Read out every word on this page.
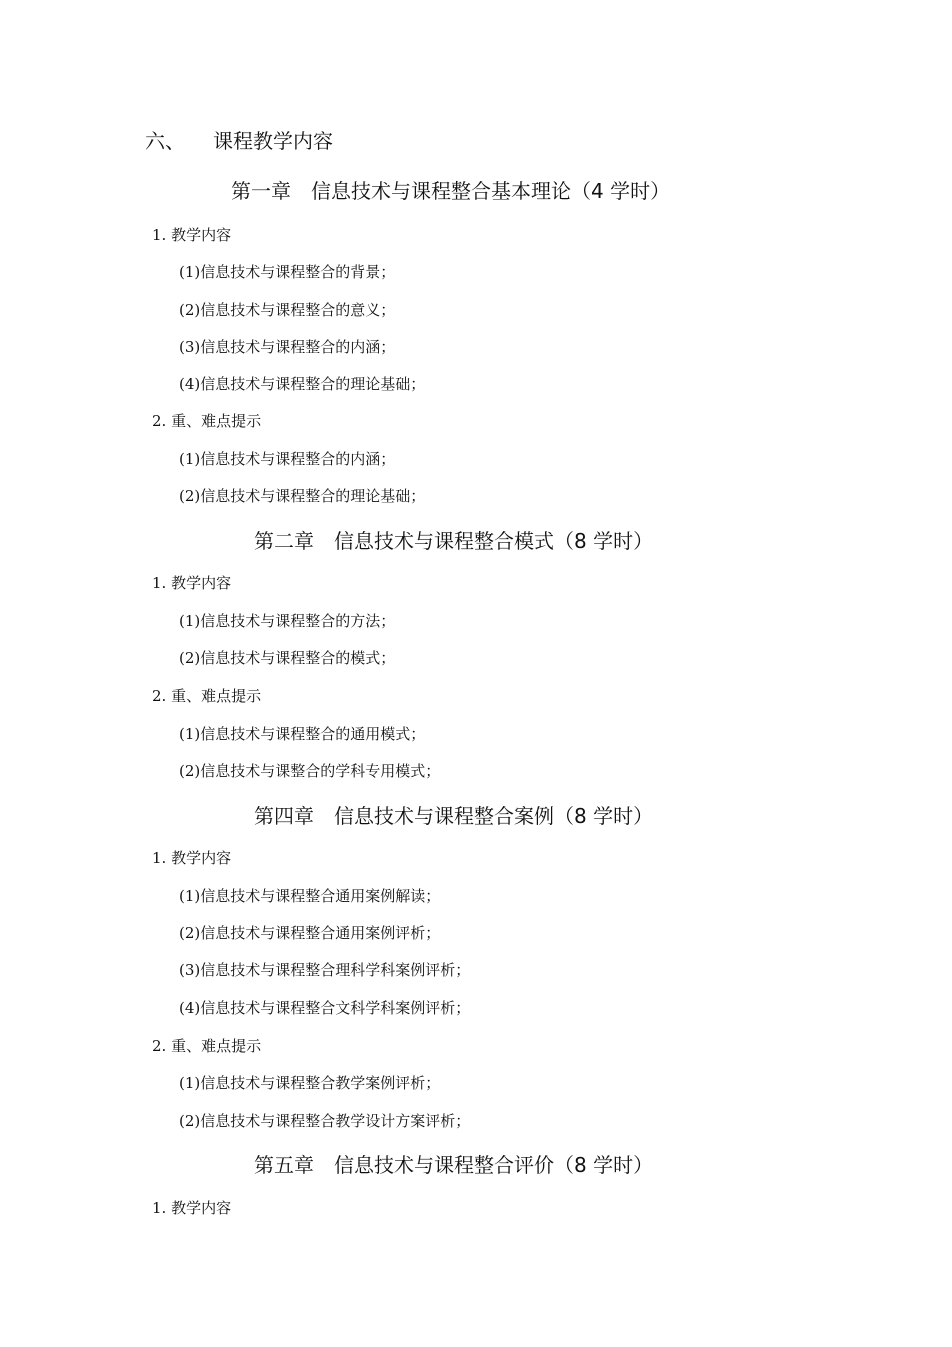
六、 课程教学内容
第一章 信息技术与课程整合基本理论（4 学时）
1. 教学内容
(1)信息技术与课程整合的背景；
(2)信息技术与课程整合的意义；
(3)信息技术与课程整合的内涵；
(4)信息技术与课程整合的理论基础；
2. 重、难点提示
(1)信息技术与课程整合的内涵；
(2)信息技术与课程整合的理论基础；
第二章 信息技术与课程整合模式（8 学时）
1. 教学内容
(1)信息技术与课程整合的方法；
(2)信息技术与课程整合的模式；
2. 重、难点提示
(1)信息技术与课程整合的通用模式；
(2)信息技术与课整合的学科专用模式；
第四章 信息技术与课程整合案例（8 学时）
1. 教学内容
(1)信息技术与课程整合通用案例解读；
(2)信息技术与课程整合通用案例评析；
(3)信息技术与课程整合理科学科案例评析；
(4)信息技术与课程整合文科学科案例评析；
2. 重、难点提示
(1)信息技术与课程整合教学案例评析；
(2)信息技术与课程整合教学设计方案评析；
第五章 信息技术与课程整合评价（8 学时）
1. 教学内容
